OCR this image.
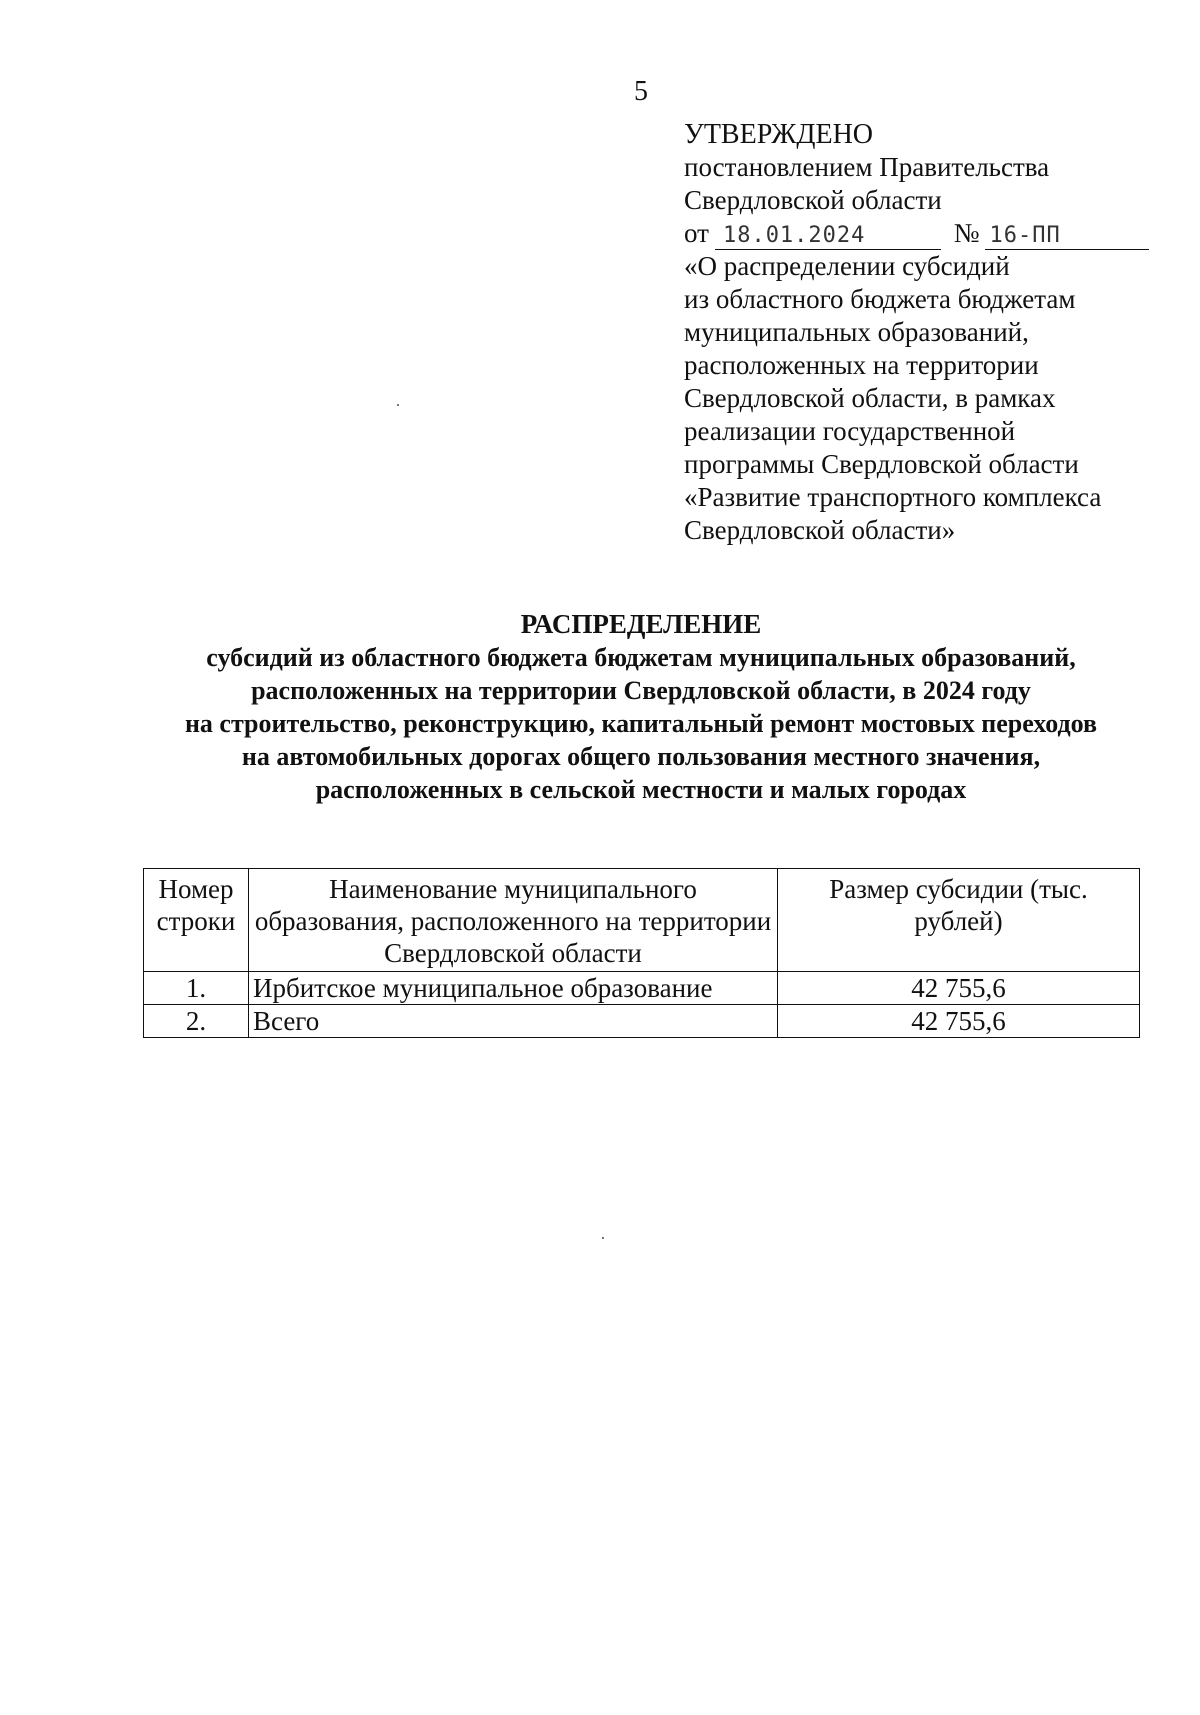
5
УТВЕРЖДЕНО
постановлением Правительства
Свердловской области
от 18.01.2024	№ 16-ПП
«О распределении субсидий
из областного бюджета бюджетам
муниципальных образований,
расположенных на территории
Свердловской области, в рамках
реализации государственной
программы Свердловской области
«Развитие транспортного комплекса
Свердловской области»
РАСПРЕДЕЛЕНИЕ
субсидий из областного бюджета бюджетам муниципальных образований,
расположенных на территории Свердловской области, в 2024 году
на строительство, реконструкцию, капитальный ремонт мостовых переходов
на автомобильных дорогах общего пользования местного значения,
расположенных в сельской местности и малых городах
Номер строки	Наименование муниципального образования, расположенного на территории Свердловской области	Размер субсидии (тыс. рублей)
1.	Ирбитское муниципальное образование	42 755,6
2.	Всего	42 755,6
